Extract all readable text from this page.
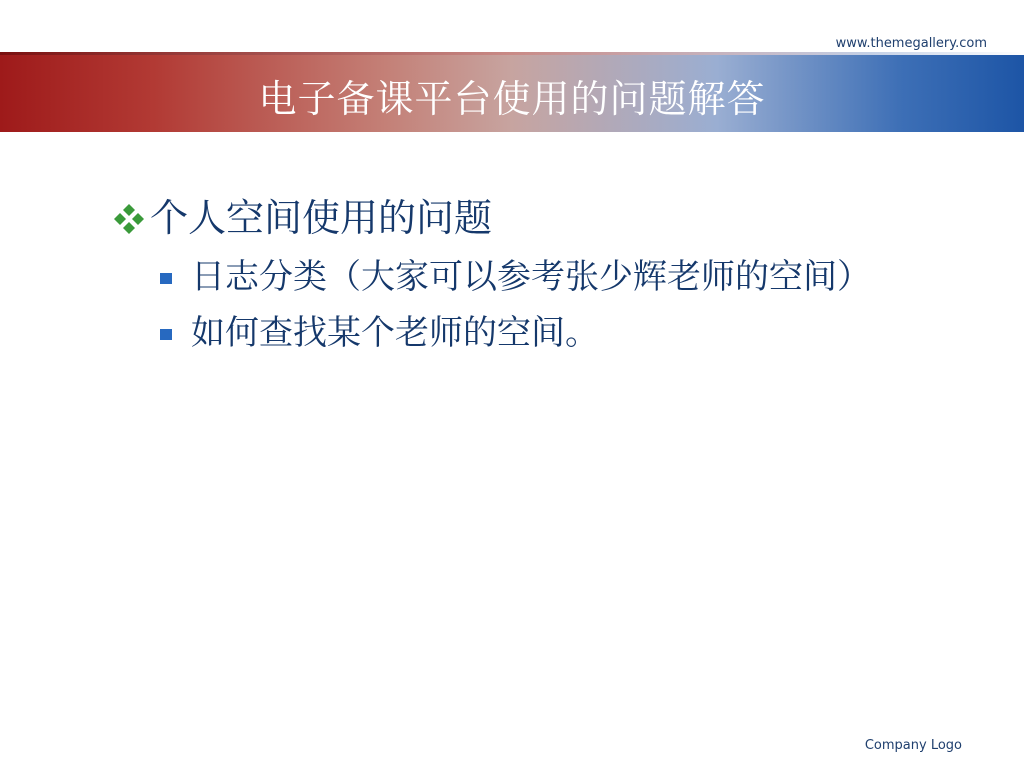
www.themegallery.com
电子备课平台使用的问题解答
个人空间使用的问题
日志分类（大家可以参考张少辉老师的空间）
如何查找某个老师的空间。
Company Logo
